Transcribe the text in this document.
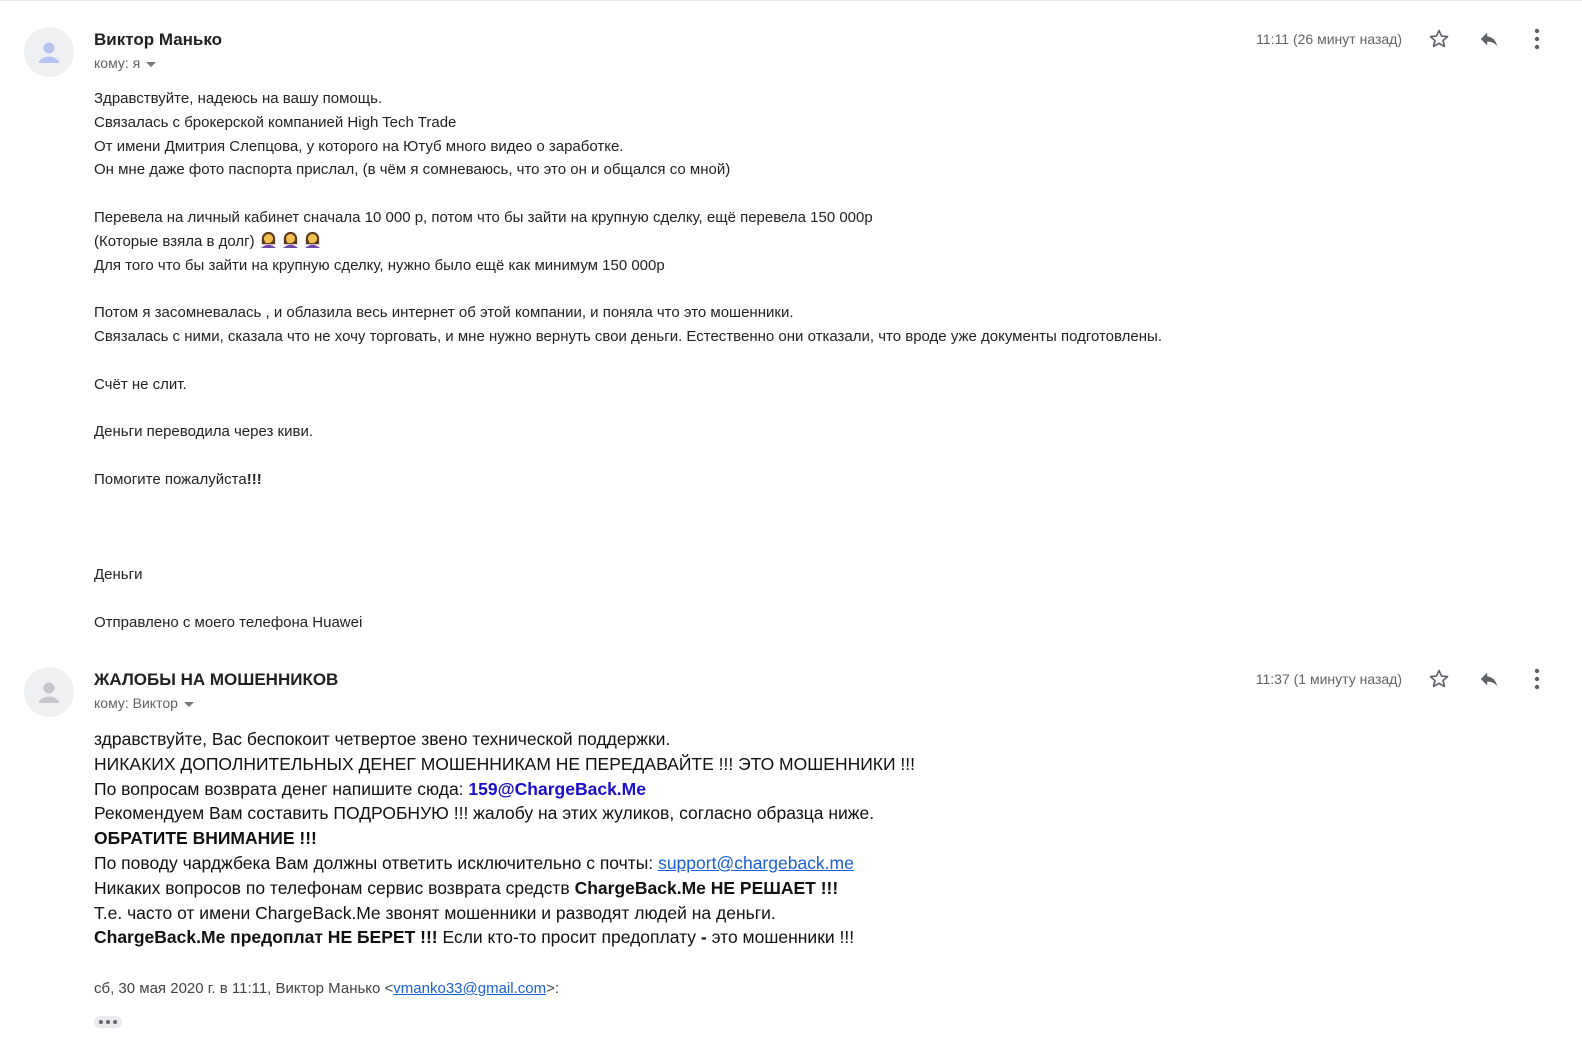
Виктор Манько
кому: я
11:11 (26 минут назад)

Здравствуйте, надеюсь на вашу помощь.

Связалась с брокерской компанией High Tech Trade

От имени Дмитрия Слепцова, у которого на Ютуб много видео о заработке.

Он мне даже фото паспорта прислал, (в чём я сомневаюсь, что это он и общался со мной)

Перевела на личный кабинет сначала 10 000 р, потом что бы зайти на крупную сделку, ещё перевела 150 000р

(Которые взяла в долг)

Для того что бы зайти на крупную сделку, нужно было ещё как минимум 150 000р

Потом я засомневалась , и облазила весь интернет об этой компании, и поняла что это мошенники.

Связалась с ними, сказала что не хочу торговать, и мне нужно вернуть свои деньги. Естественно они отказали, что вроде уже документы подготовлены.

Счёт не слит.

Деньги переводила через киви.

Помогите пожалуйста!!!

Деньги

Отправлено с моего телефона Huawei

ЖАЛОБЫ НА МОШЕННИКОВ
кому: Виктор
11:37 (1 минуту назад)

здравствуйте, Вас беспокоит четвертое звено технической поддержки.

НИКАКИХ ДОПОЛНИТЕЛЬНЫХ ДЕНЕГ МОШЕННИКАМ НЕ ПЕРЕДАВАЙТЕ !!! ЭТО МОШЕННИКИ !!!

По вопросам возврата денег напишите сюда: 159@ChargeBack.Me

Рекомендуем Вам составить ПОДРОБНУЮ !!! жалобу на этих жуликов, согласно образца ниже.

ОБРАТИТЕ ВНИМАНИЕ !!!

По поводу чарджбека Вам должны ответить исключительно с почты: support@chargeback.me

Никаких вопросов по телефонам сервис возврата средств ChargeBack.Me НЕ РЕШАЕТ !!!

Т.е. часто от имени ChargeBack.Me звонят мошенники и разводят людей на деньги.

ChargeBack.Me предоплат НЕ БЕРЕТ !!! Если кто-то просит предоплату - это мошенники !!!

сб, 30 мая 2020 г. в 11:11, Виктор Манько <vmanko33@gmail.com>:
